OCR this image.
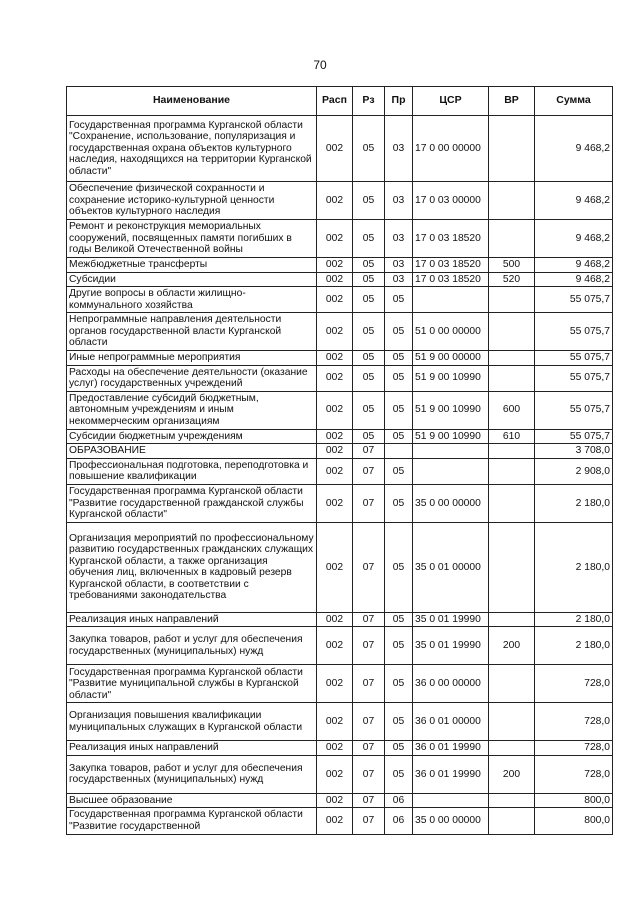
70
Наименование	Расп	Рз	Пр	ЦСР	ВР	Сумма
Государственная программа Курганской области "Сохранение, использование, популяризация и государственная охрана объектов культурного наследия, находящихся на территории Курганской области"	002	05	03	17 0 00 00000		9 468,2
Обеспечение физической сохранности и сохранение историко-культурной ценности объектов культурного наследия	002	05	03	17 0 03 00000		9 468,2
Ремонт и реконструкция мемориальных сооружений, посвященных памяти погибших в годы Великой Отечественной войны	002	05	03	17 0 03 18520		9 468,2
Межбюджетные трансферты	002	05	03	17 0 03 18520	500	9 468,2
Субсидии	002	05	03	17 0 03 18520	520	9 468,2
Другие вопросы в области жилищно-коммунального хозяйства	002	05	05			55 075,7
Непрограммные направления деятельности органов государственной власти Курганской области	002	05	05	51 0 00 00000		55 075,7
Иные непрограммные мероприятия	002	05	05	51 9 00 00000		55 075,7
Расходы на обеспечение деятельности (оказание услуг) государственных учреждений	002	05	05	51 9 00 10990		55 075,7
Предоставление субсидий бюджетным, автономным учреждениям и иным некоммерческим организациям	002	05	05	51 9 00 10990	600	55 075,7
Субсидии бюджетным учреждениям	002	05	05	51 9 00 10990	610	55 075,7
ОБРАЗОВАНИЕ	002	07				3 708,0
Профессиональная подготовка, переподготовка и повышение квалификации	002	07	05			2 908,0
Государственная программа Курганской области "Развитие государственной гражданской службы Курганской области"	002	07	05	35 0 00 00000		2 180,0
Организация мероприятий по профессиональному развитию государственных гражданских служащих Курганской области, а также организация обучения лиц, включенных в кадровый резерв Курганской области, в соответствии с требованиями законодательства	002	07	05	35 0 01 00000		2 180,0
Реализация иных направлений	002	07	05	35 0 01 19990		2 180,0
Закупка товаров, работ и услуг для обеспечения государственных (муниципальных) нужд	002	07	05	35 0 01 19990	200	2 180,0
Государственная программа Курганской области "Развитие муниципальной службы в Курганской области"	002	07	05	36 0 00 00000		728,0
Организация повышения квалификации муниципальных служащих в Курганской области	002	07	05	36 0 01 00000		728,0
Реализация иных направлений	002	07	05	36 0 01 19990		728,0
Закупка товаров, работ и услуг для обеспечения государственных (муниципальных) нужд	002	07	05	36 0 01 19990	200	728,0
Высшее образование	002	07	06			800,0
Государственная программа Курганской области "Развитие государственной	002	07	06	35 0 00 00000		800,0
